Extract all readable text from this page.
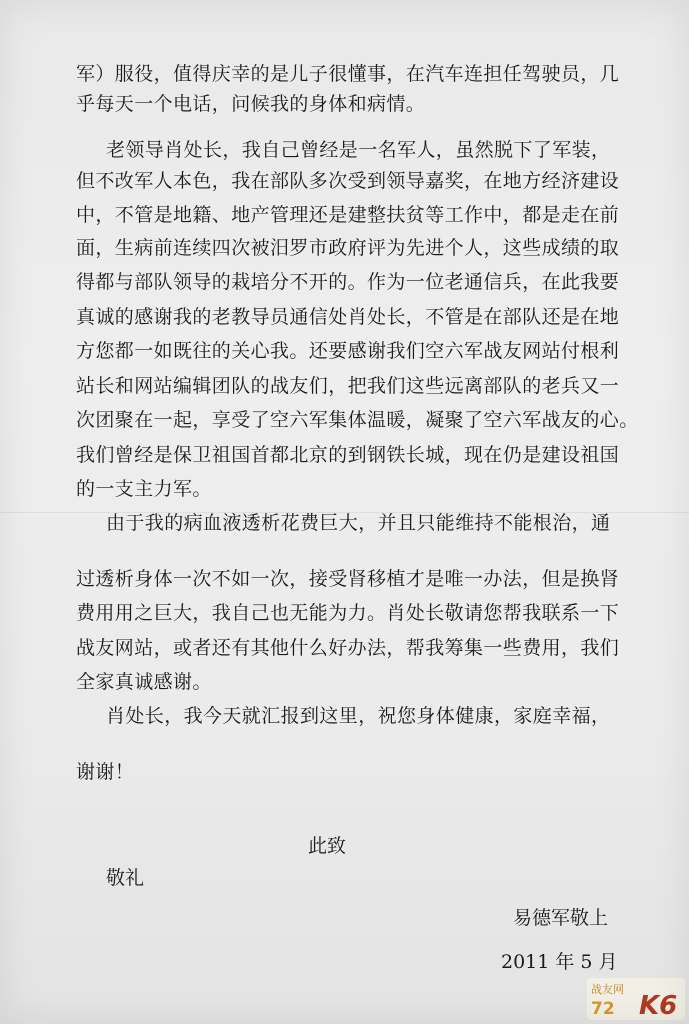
军）服役，值得庆幸的是儿子很懂事，在汽车连担任驾驶员，几
乎每天一个电话，问候我的身体和病情。
老领导肖处长，我自己曾经是一名军人，虽然脱下了军装，
但不改军人本色，我在部队多次受到领导嘉奖，在地方经济建设
中，不管是地籍、地产管理还是建整扶贫等工作中，都是走在前
面，生病前连续四次被汨罗市政府评为先进个人，这些成绩的取
得都与部队领导的栽培分不开的。作为一位老通信兵，在此我要
真诚的感谢我的老教导员通信处肖处长，不管是在部队还是在地
方您都一如既往的关心我。还要感谢我们空六军战友网站付根利
站长和网站编辑团队的战友们，把我们这些远离部队的老兵又一
次团聚在一起，享受了空六军集体温暖，凝聚了空六军战友的心。
我们曾经是保卫祖国首都北京的到钢铁长城，现在仍是建设祖国
的一支主力军。
由于我的病血液透析花费巨大，并且只能维持不能根治，通
过透析身体一次不如一次，接受肾移植才是唯一办法，但是换肾
费用用之巨大，我自己也无能为力。肖处长敬请您帮我联系一下
战友网站，或者还有其他什么好办法，帮我筹集一些费用，我们
全家真诚感谢。
肖处长，我今天就汇报到这里，祝您身体健康，家庭幸福，
谢谢！
此致
敬礼
易德军敬上
2011 年 5 月
战友网
72 K6
